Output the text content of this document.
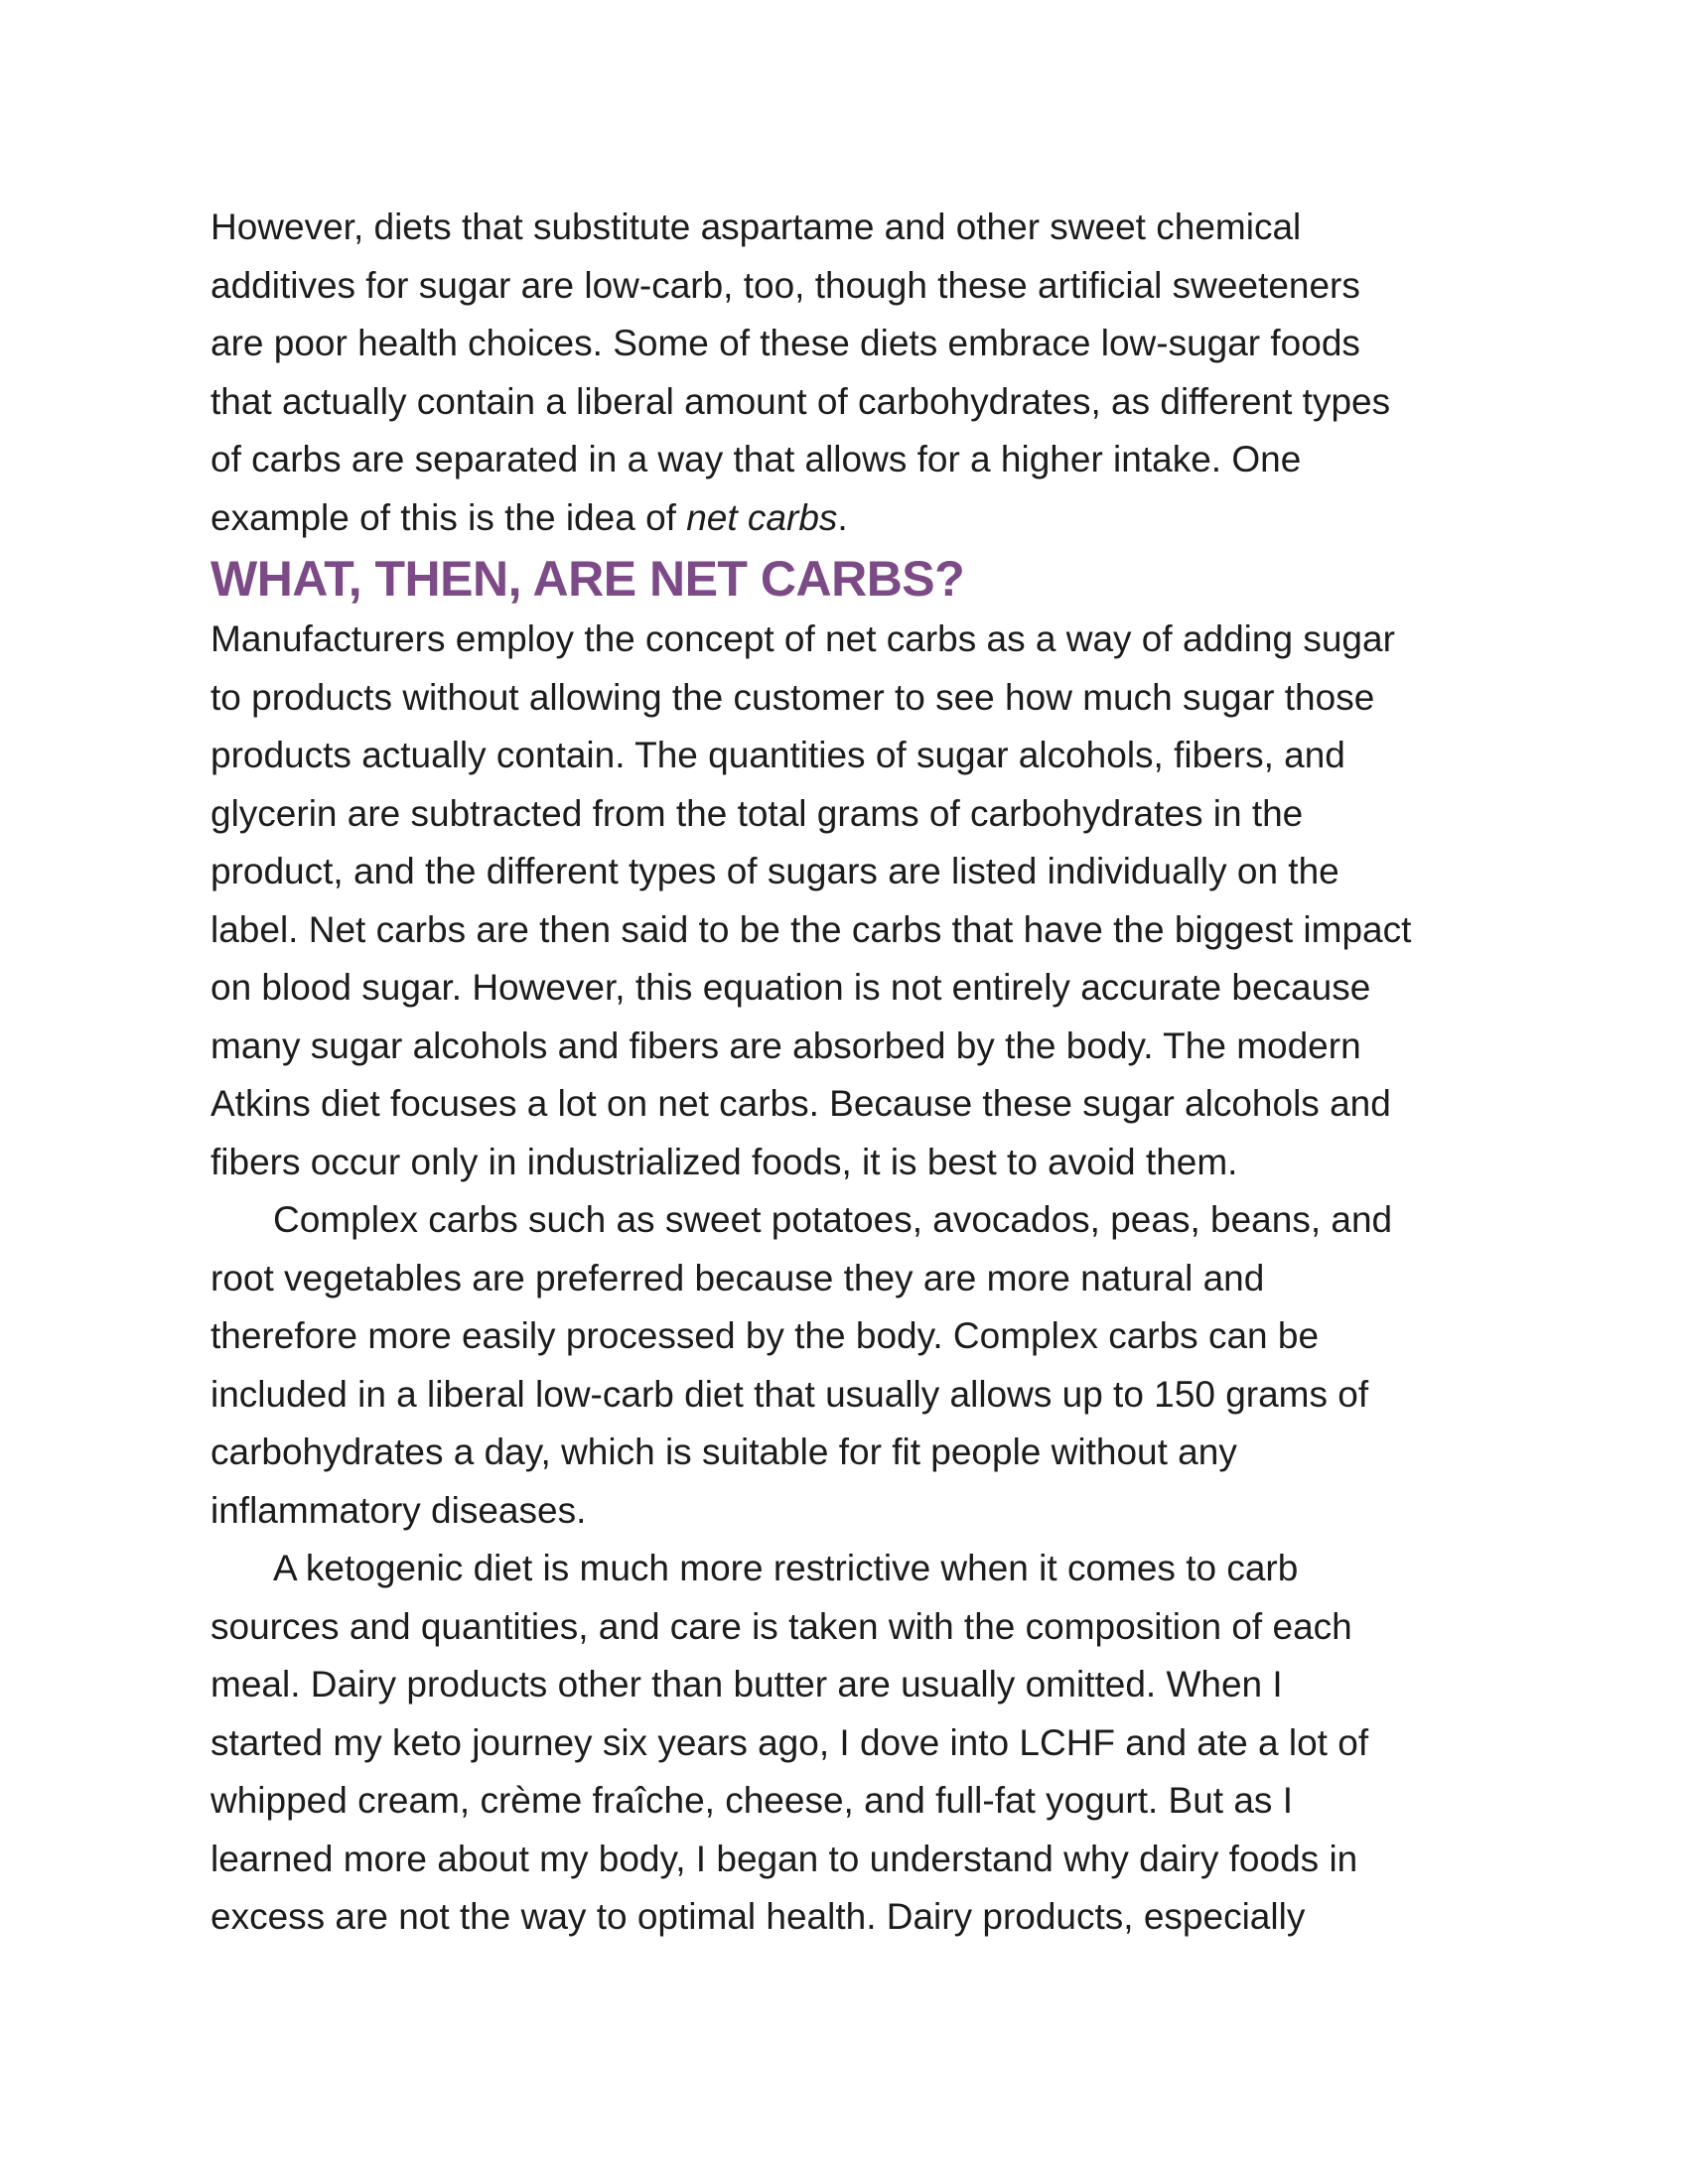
However, diets that substitute aspartame and other sweet chemical
additives for sugar are low-carb, too, though these artificial sweeteners
are poor health choices. Some of these diets embrace low-sugar foods
that actually contain a liberal amount of carbohydrates, as different types
of carbs are separated in a way that allows for a higher intake. One
example of this is the idea of net carbs.

WHAT, THEN, ARE NET CARBS?

Manufacturers employ the concept of net carbs as a way of adding sugar
to products without allowing the customer to see how much sugar those
products actually contain. The quantities of sugar alcohols, fibers, and
glycerin are subtracted from the total grams of carbohydrates in the
product, and the different types of sugars are listed individually on the
label. Net carbs are then said to be the carbs that have the biggest impact
on blood sugar. However, this equation is not entirely accurate because
many sugar alcohols and fibers are absorbed by the body. The modern
Atkins diet focuses a lot on net carbs. Because these sugar alcohols and
fibers occur only in industrialized foods, it is best to avoid them.

Complex carbs such as sweet potatoes, avocados, peas, beans, and
root vegetables are preferred because they are more natural and
therefore more easily processed by the body. Complex carbs can be
included in a liberal low-carb diet that usually allows up to 150 grams of
carbohydrates a day, which is suitable for fit people without any
inflammatory diseases.

A ketogenic diet is much more restrictive when it comes to carb
sources and quantities, and care is taken with the composition of each
meal. Dairy products other than butter are usually omitted. When I
started my keto journey six years ago, I dove into LCHF and ate a lot of
whipped cream, crème fraîche, cheese, and full-fat yogurt. But as I
learned more about my body, I began to understand why dairy foods in
excess are not the way to optimal health. Dairy products, especially
